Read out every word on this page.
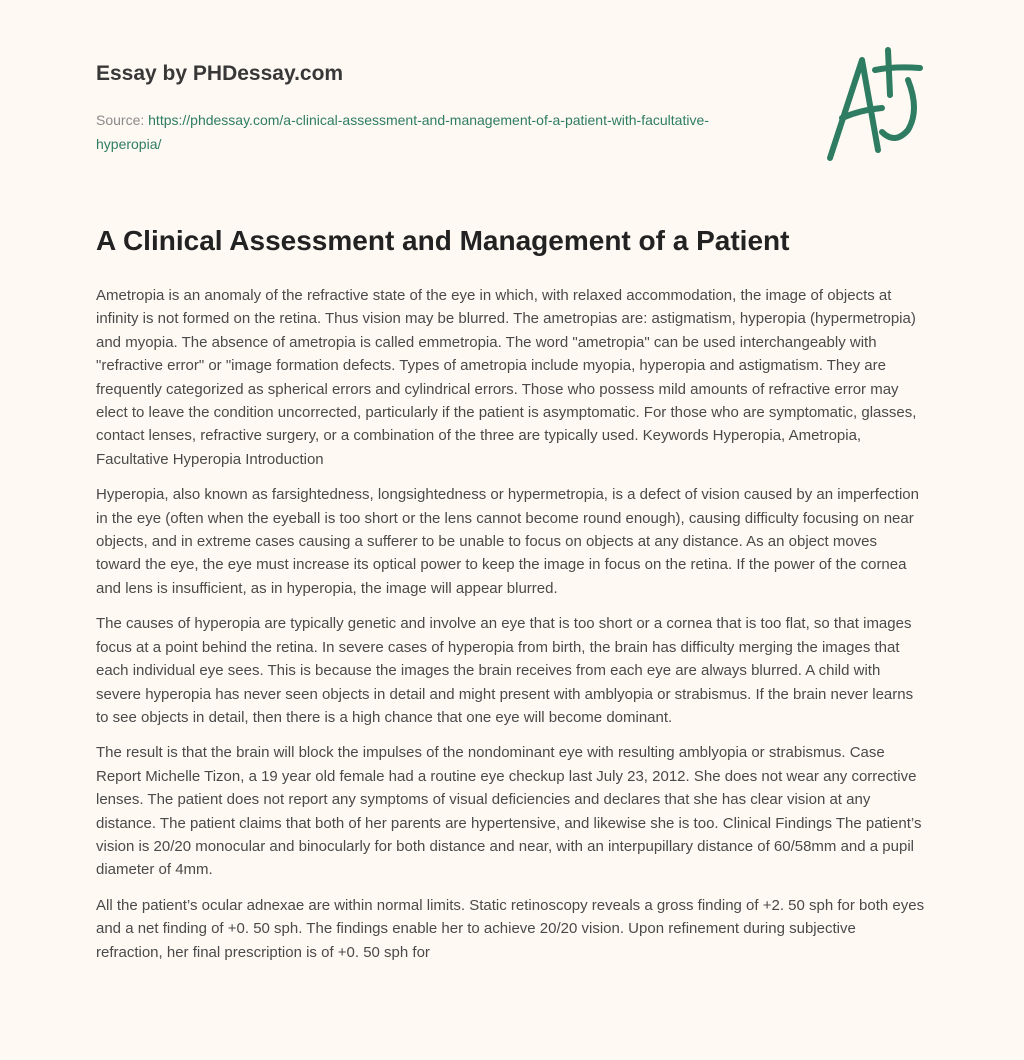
Essay by PHDessay.com
Source: https://phdessay.com/a-clinical-assessment-and-management-of-a-patient-with-facultative-hyperopia/
A Clinical Assessment and Management of a Patient

Ametropia is an anomaly of the refractive state of the eye in which, with relaxed accommodation, the image of objects at infinity is not formed on the retina. Thus vision may be blurred. The ametropias are: astigmatism, hyperopia (hypermetropia) and myopia. The absence of ametropia is called emmetropia. The word "ametropia" can be used interchangeably with "refractive error" or "image formation defects. Types of ametropia include myopia, hyperopia and astigmatism. They are frequently categorized as spherical errors and cylindrical errors. Those who possess mild amounts of refractive error may elect to leave the condition uncorrected, particularly if the patient is asymptomatic. For those who are symptomatic, glasses, contact lenses, refractive surgery, or a combination of the three are typically used. Keywords Hyperopia, Ametropia, Facultative Hyperopia Introduction

Hyperopia, also known as farsightedness, longsightedness or hypermetropia, is a defect of vision caused by an imperfection in the eye (often when the eyeball is too short or the lens cannot become round enough), causing difficulty focusing on near objects, and in extreme cases causing a sufferer to be unable to focus on objects at any distance. As an object moves toward the eye, the eye must increase its optical power to keep the image in focus on the retina. If the power of the cornea and lens is insufficient, as in hyperopia, the image will appear blurred.

The causes of hyperopia are typically genetic and involve an eye that is too short or a cornea that is too flat, so that images focus at a point behind the retina. In severe cases of hyperopia from birth, the brain has difficulty merging the images that each individual eye sees. This is because the images the brain receives from each eye are always blurred. A child with severe hyperopia has never seen objects in detail and might present with amblyopia or strabismus. If the brain never learns to see objects in detail, then there is a high chance that one eye will become dominant.

The result is that the brain will block the impulses of the nondominant eye with resulting amblyopia or strabismus. Case Report Michelle Tizon, a 19 year old female had a routine eye checkup last July 23, 2012. She does not wear any corrective lenses. The patient does not report any symptoms of visual deficiencies and declares that she has clear vision at any distance. The patient claims that both of her parents are hypertensive, and likewise she is too. Clinical Findings The patient’s vision is 20/20 monocular and binocularly for both distance and near, with an interpupillary distance of 60/58mm and a pupil diameter of 4mm.

All the patient’s ocular adnexae are within normal limits. Static retinoscopy reveals a gross finding of +2. 50 sph for both eyes and a net finding of +0. 50 sph. The findings enable her to achieve 20/20 vision. Upon refinement during subjective refraction, her final prescription is of +0. 50 sph for
